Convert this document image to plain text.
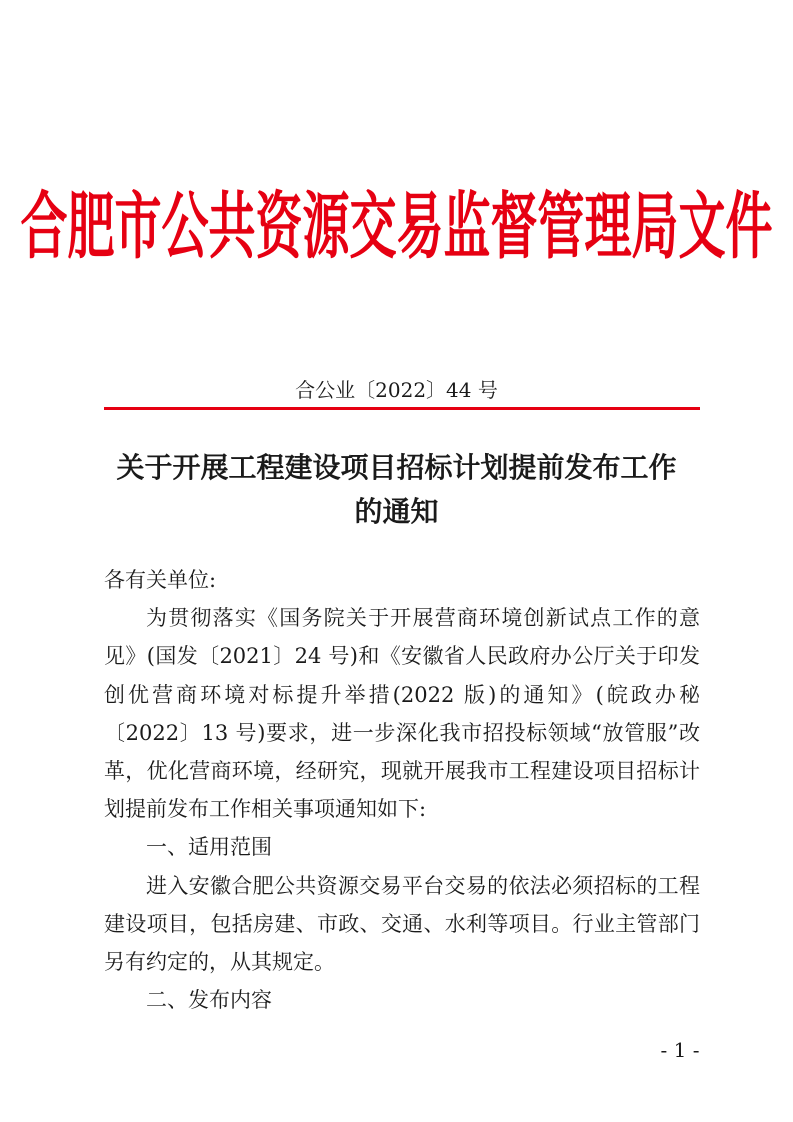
合肥市公共资源交易监督管理局文件
合公业〔2022〕44 号
关于开展工程建设项目招标计划提前发布工作
的通知

各有关单位:

为贯彻落实《国务院关于开展营商环境创新试点工作的意见》(国发〔2021〕24 号)和《安徽省人民政府办公厅关于印发创优营商环境对标提升举措(2022 版)的通知》(皖政办秘〔2022〕13 号)要求，进一步深化我市招投标领域“放管服”改革，优化营商环境，经研究，现就开展我市工程建设项目招标计划提前发布工作相关事项通知如下:

一、适用范围

进入安徽合肥公共资源交易平台交易的依法必须招标的工程建设项目，包括房建、市政、交通、水利等项目。行业主管部门另有约定的，从其规定。

二、发布内容

- 1 -
